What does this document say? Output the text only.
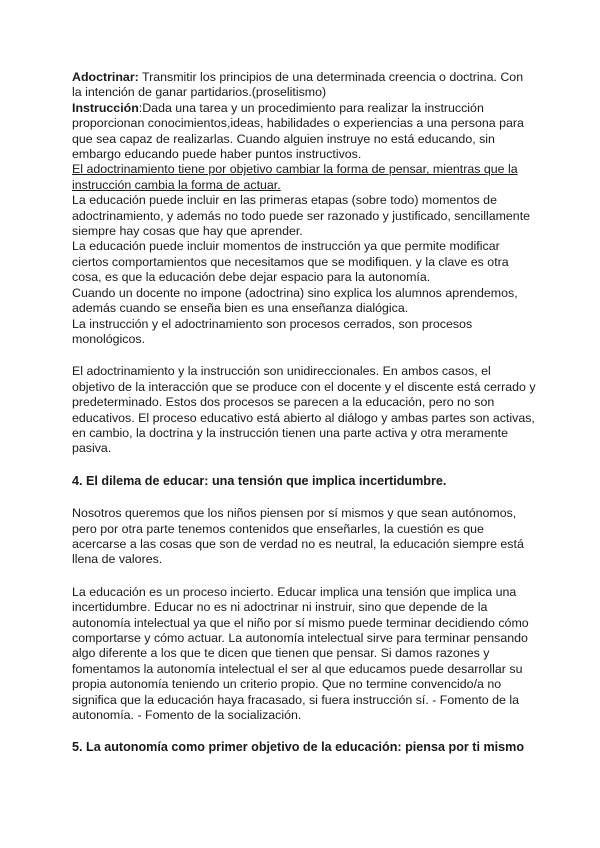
Adoctrinar: Transmitir los principios de una determinada creencia o doctrina. Con la intención de ganar partidarios.(proselitismo)

Instrucción:Dada una tarea y un procedimiento para realizar la instrucción proporcionan conocimientos,ideas, habilidades o experiencias a una persona para que sea capaz de realizarlas. Cuando alguien instruye no está educando, sin embargo educando puede haber puntos instructivos.

El adoctrinamiento tiene por objetivo cambiar la forma de pensar, mientras que la instrucción cambia la forma de actuar.

La educación puede incluir en las primeras etapas (sobre todo) momentos de adoctrinamiento, y además no todo puede ser razonado y justificado, sencillamente siempre hay cosas que hay que aprender.

La educación puede incluir momentos de instrucción ya que permite modificar ciertos comportamientos que necesitamos que se modifiquen. y la clave es otra cosa, es que la educación debe dejar espacio para la autonomía.

Cuando un docente no impone (adoctrina) sino explica los alumnos aprendemos, además cuando se enseña bien es una enseñanza dialógica.

La instrucción y el adoctrinamiento son procesos cerrados, son procesos monológicos.

El adoctrinamiento y la instrucción son unidireccionales. En ambos casos, el objetivo de la interacción que se produce con el docente y el discente está cerrado y predeterminado. Estos dos procesos se parecen a la educación, pero no son educativos. El proceso educativo está abierto al diálogo y ambas partes son activas, en cambio, la doctrina y la instrucción tienen una parte activa y otra meramente pasiva.

4. El dilema de educar: una tensión que implica incertidumbre.

Nosotros queremos que los niños piensen por sí mismos y que sean autónomos, pero por otra parte tenemos contenidos que enseñarles, la cuestión es que acercarse a las cosas que son de verdad no es neutral, la educación siempre está llena de valores.

La educación es un proceso incierto. Educar implica una tensión que implica una incertidumbre. Educar no es ni adoctrinar ni instruir, sino que depende de la autonomía intelectual ya que el niño por sí mismo puede terminar decidiendo cómo comportarse y cómo actuar. La autonomía intelectual sirve para terminar pensando algo diferente a los que te dicen que tienen que pensar. Si damos razones y fomentamos la autonomía intelectual el ser al que educamos puede desarrollar su propia autonomía teniendo un criterio propio. Que no termine convencido/a no significa que la educación haya fracasado, si fuera instrucción sí. - Fomento de la autonomía. - Fomento de la socialización.

5. La autonomía como primer objetivo de la educación: piensa por ti mismo
